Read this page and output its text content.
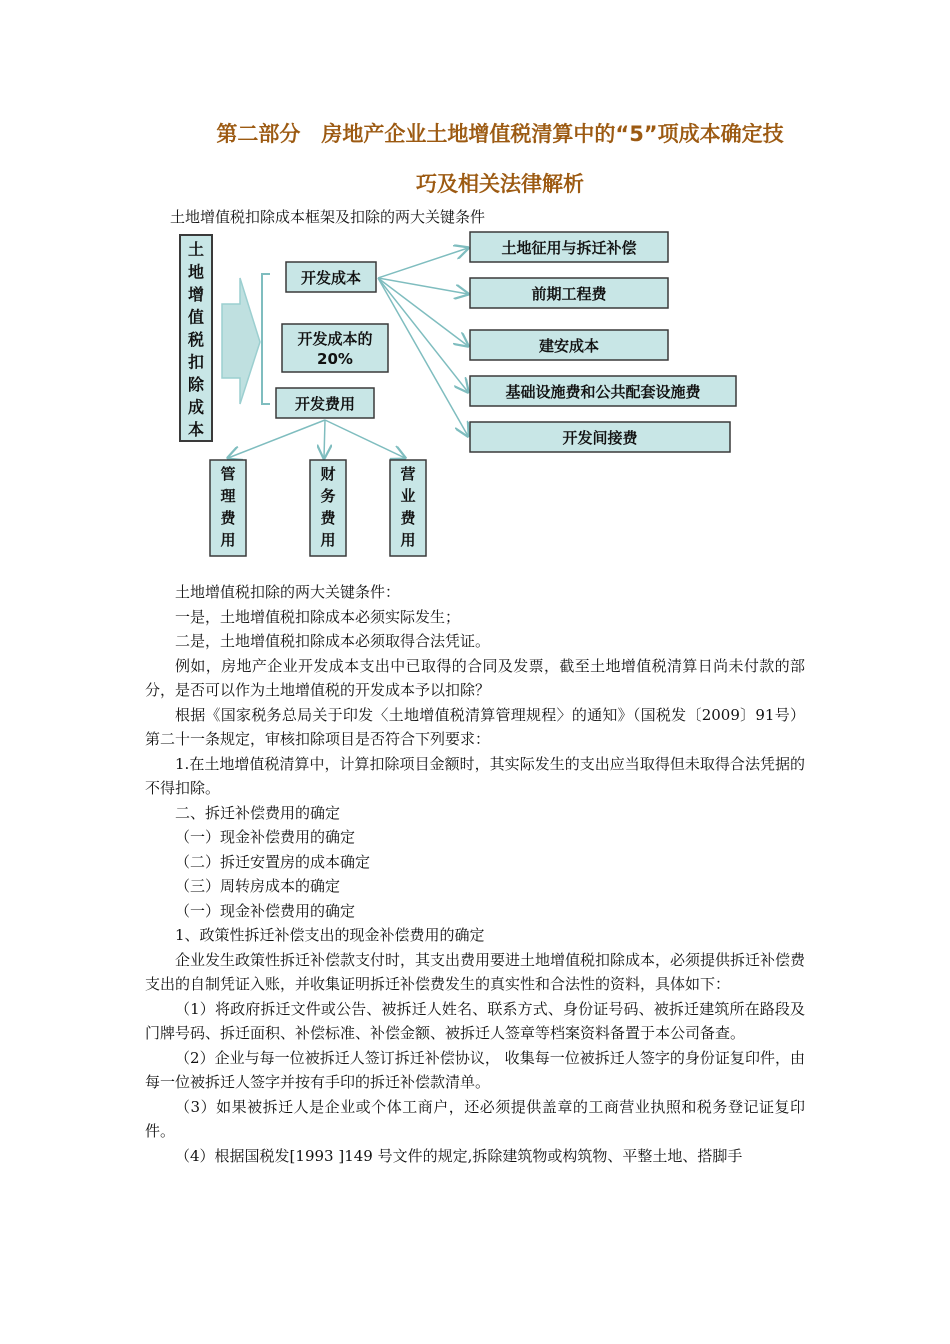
第二部分　房地产企业土地增值税清算中的“5”项成本确定技
巧及相关法律解析
土地增值税扣除成本框架及扣除的两大关键条件
土
地
增
值
税
扣
除
成
本
开发成本
开发成本的
20%
开发费用
土地征用与拆迁补偿
前期工程费
建安成本
基础设施费和公共配套设施费
开发间接费
管
理
费
用
财
务
费
用
营
业
费
用

土地增值税扣除的两大关键条件：

一是，土地增值税扣除成本必须实际发生；

二是，土地增值税扣除成本必须取得合法凭证。

例如，房地产企业开发成本支出中已取得的合同及发票，截至土地增值税清算日尚未付款的部分，是否可以作为土地增值税的开发成本予以扣除？

根据《国家税务总局关于印发〈土地增值税清算管理规程〉的通知》（国税发〔2009〕91号）第二十一条规定，审核扣除项目是否符合下列要求：

1.在土地增值税清算中，计算扣除项目金额时，其实际发生的支出应当取得但未取得合法凭据的不得扣除。

二、拆迁补偿费用的确定

（一）现金补偿费用的确定

（二）拆迁安置房的成本确定

（三）周转房成本的确定

（一）现金补偿费用的确定

1、政策性拆迁补偿支出的现金补偿费用的确定

企业发生政策性拆迁补偿款支付时，其支出费用要进土地增值税扣除成本，必须提供拆迁补偿费支出的自制凭证入账，并收集证明拆迁补偿费发生的真实性和合法性的资料，具体如下：

（1）将政府拆迁文件或公告、被拆迁人姓名、联系方式、身份证号码、被拆迁建筑所在路段及门牌号码、拆迁面积、补偿标准、补偿金额、被拆迁人签章等档案资料备置于本公司备查。

（2）企业与每一位被拆迁人签订拆迁补偿协议， 收集每一位被拆迁人签字的身份证复印件，由每一位被拆迁人签字并按有手印的拆迁补偿款清单。

（3）如果被拆迁人是企业或个体工商户，还必须提供盖章的工商营业执照和税务登记证复印件。

（4）根据国税发[1993 ]149 号文件的规定,拆除建筑物或构筑物、平整土地、搭脚手
